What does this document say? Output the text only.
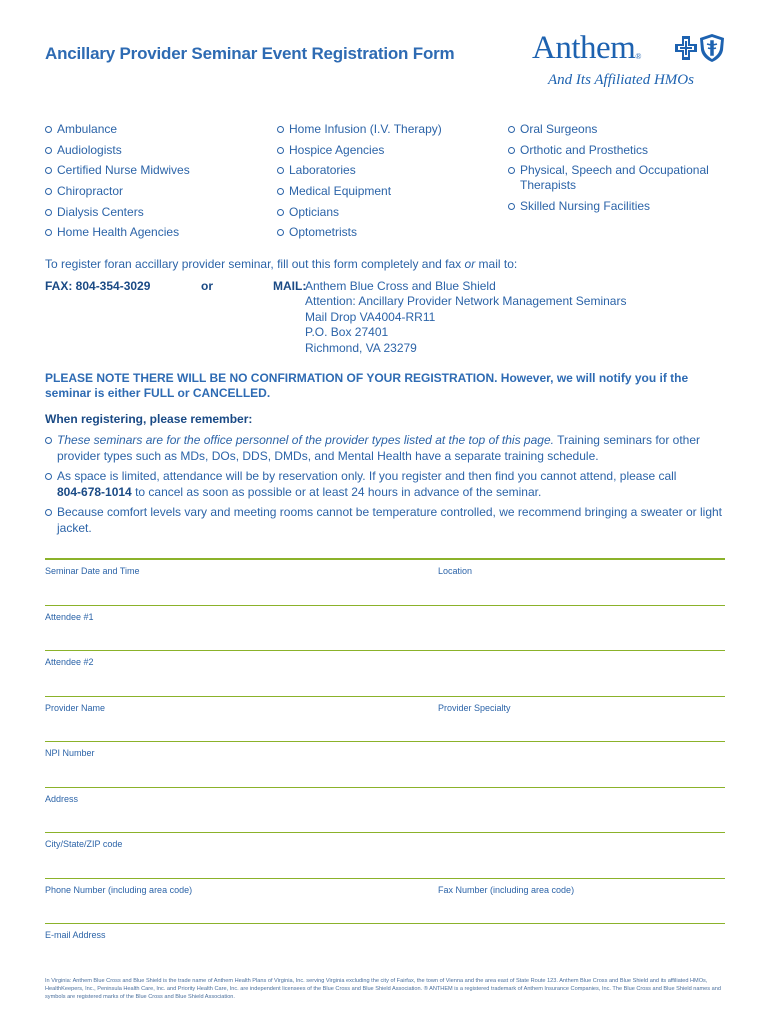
Ancillary Provider Seminar Event Registration Form Anthem®
And Its Affiliated HMOs
Ambulance
Audiologists
Certified Nurse Midwives
Chiropractor
Dialysis Centers
Home Health Agencies
Home Infusion (I.V. Therapy)
Hospice Agencies
Laboratories
Medical Equipment
Opticians
Optometrists
Oral Surgeons
Orthotic and Prosthetics
Physical, Speech and Occupational Therapists
Skilled Nursing Facilities
To register foran accillary provider seminar, fill out this form completely and fax or mail to:
FAX: 804-354-3029	or	MAIL:
Anthem Blue Cross and Blue Shield
Attention: Ancillary Provider Network Management Seminars
Mail Drop VA4004-RR11
P.O. Box 27401
Richmond, VA 23279
PLEASE NOTE THERE WILL BE NO CONFIRMATION OF YOUR REGISTRATION. However, we will notify you if the seminar is either FULL or CANCELLED.
When registering, please remember:
These seminars are for the office personnel of the provider types listed at the top of this page. Training seminars for other provider types such as MDs, DOs, DDS, DMDs, and Mental Health have a separate training schedule.
As space is limited, attendance will be by reservation only. If you register and then find you cannot attend, please call
804-678-1014 to cancel as soon as possible or at least 24 hours in advance of the seminar.
Because comfort levels vary and meeting rooms cannot be temperature controlled, we recommend bringing a sweater or light jacket.
Seminar Date and Time	Location
Attendee #1
Attendee #2
Provider Name	Provider Specialty
NPI Number
Address
City/State/ZIP code
Phone Number (including area code)	Fax Number (including area code)
E-mail Address
In Virginia: Anthem Blue Cross and Blue Shield is the trade name of Anthem Health Plans of Virginia, Inc. serving Virginia excluding the city of Fairfax, the town of Vienna and the area east of State Route 123. Anthem Blue Cross and Blue Shield and its affiliated HMOs, HealthKeepers, Inc., Peninsula Health Care, Inc. and Priority Health Care, Inc. are independent licensees of the Blue Cross and Blue Shield Association. ® ANTHEM is a registered trademark of Anthem Insurance Companies, Inc. The Blue Cross and Blue Shield names and symbols are registered marks of the Blue Cross and Blue Shield Association.
